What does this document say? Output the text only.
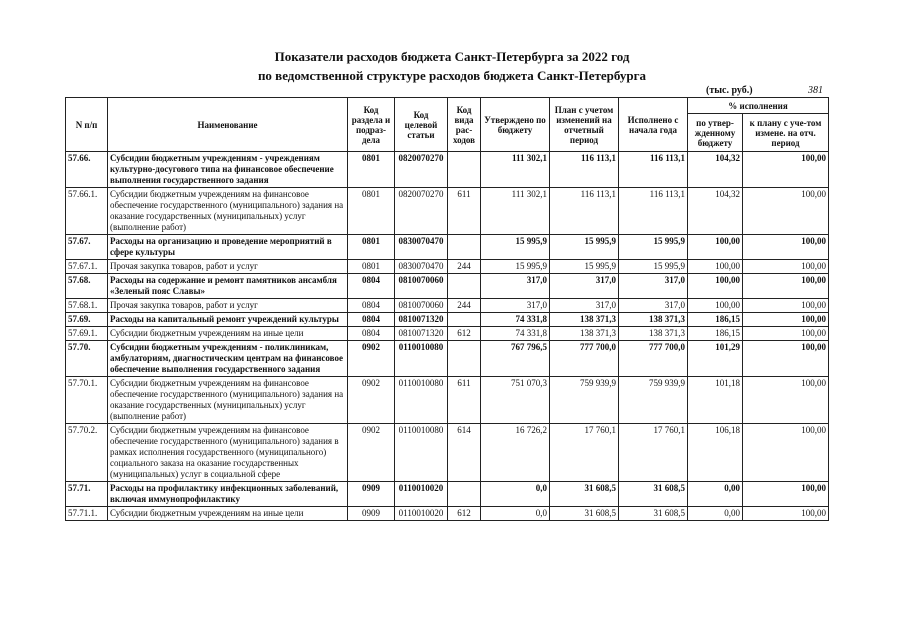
Показатели расходов бюджета Санкт-Петербурга за 2022 год
по ведомственной структуре расходов бюджета Санкт-Петербурга
(тыс. руб.)	381
N п/п	Наименование	Код раздела и подраз-дела	Код целевой статьи	Код вида рас-ходов	Утверждено по бюджету	План с учетом изменений на отчетный период	Исполнено с начала года	% исполнения	
								по утвер-жденному бюджету	к плану с уче-том измене. на отч. период
57.66.	Субсидии бюджетным учреждениям - учреждениям культурно-досугового типа на финансовое обеспечение выполнения государственного задания	0801	0820070270		111 302,1	116 113,1	116 113,1	104,32	100,00
57.66.1.	Субсидии бюджетным учреждениям на финансовое обеспечение государственного (муниципального) задания на оказание государственных (муниципальных) услуг (выполнение работ)	0801	0820070270	611	111 302,1	116 113,1	116 113,1	104,32	100,00
57.67.	Расходы на организацию и проведение мероприятий в сфере культуры	0801	0830070470		15 995,9	15 995,9	15 995,9	100,00	100,00
57.67.1.	Прочая закупка товаров, работ и услуг	0801	0830070470	244	15 995,9	15 995,9	15 995,9	100,00	100,00
57.68.	Расходы на содержание и ремонт памятников ансамбля «Зеленый пояс Славы»	0804	0810070060		317,0	317,0	317,0	100,00	100,00
57.68.1.	Прочая закупка товаров, работ и услуг	0804	0810070060	244	317,0	317,0	317,0	100,00	100,00
57.69.	Расходы на капитальный ремонт учреждений культуры	0804	0810071320		74 331,8	138 371,3	138 371,3	186,15	100,00
57.69.1.	Субсидии бюджетным учреждениям на иные цели	0804	0810071320	612	74 331,8	138 371,3	138 371,3	186,15	100,00
57.70.	Субсидии бюджетным учреждениям - поликлиникам, амбулаториям, диагностическим центрам на финансовое обеспечение выполнения государственного задания	0902	0110010080		767 796,5	777 700,0	777 700,0	101,29	100,00
57.70.1.	Субсидии бюджетным учреждениям на финансовое обеспечение государственного (муниципального) задания на оказание государственных (муниципальных) услуг (выполнение работ)	0902	0110010080	611	751 070,3	759 939,9	759 939,9	101,18	100,00
57.70.2.	Субсидии бюджетным учреждениям на финансовое обеспечение государственного (муниципального) задания в рамках исполнения государственного (муниципального) социального заказа на оказание государственных (муниципальных) услуг в социальной сфере	0902	0110010080	614	16 726,2	17 760,1	17 760,1	106,18	100,00
57.71.	Расходы на профилактику инфекционных заболеваний, включая иммунопрофилактику	0909	0110010020		0,0	31 608,5	31 608,5	0,00	100,00
57.71.1.	Субсидии бюджетным учреждениям на иные цели	0909	0110010020	612	0,0	31 608,5	31 608,5	0,00	100,00
